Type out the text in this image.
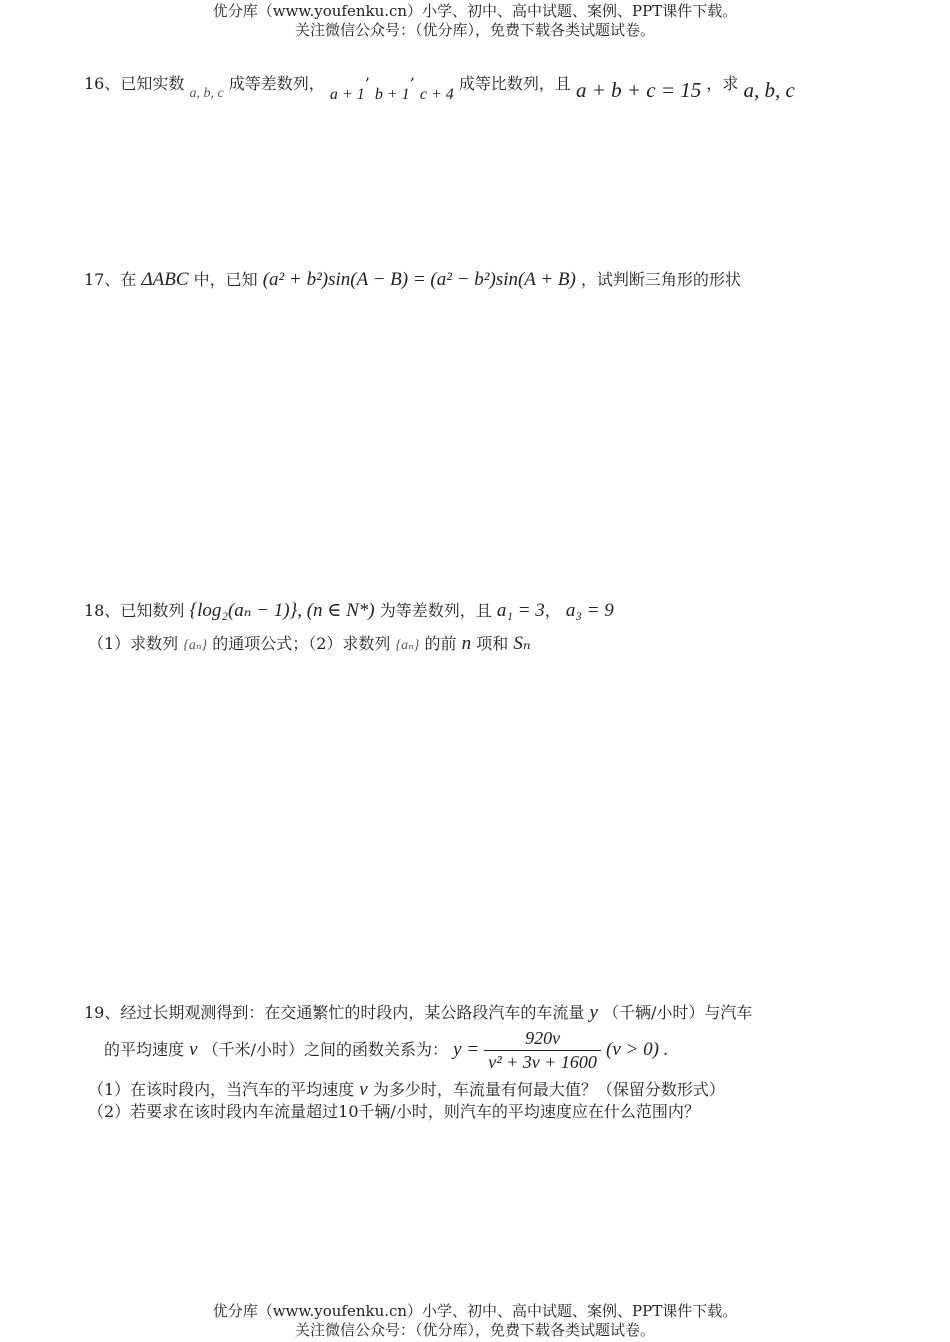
优分库（www.youfenku.cn）小学、初中、高中试题、案例、PPT课件下载。
关注微信公众号：（优分库），免费下载各类试题试卷。
16、已知实数 a, b, c 成等差数列， a + 1’ b + 1’ c + 4 成等比数列，且 a + b + c = 15 ，求 a, b, c
17、在 ΔABC 中，已知 (a² + b²)sin(A − B) = (a² − b²)sin(A + B) ，试判断三角形的形状
18、已知数列 {log₂(aₙ − 1)}, (n ∈ N*) 为等差数列，且 a₁ = 3， a₃ = 9
（1）求数列 {aₙ} 的通项公式；（2）求数列 {aₙ} 的前 n 项和 Sₙ
19、经过长期观测得到：在交通繁忙的时段内，某公路段汽车的车流量 y （千辆/小时）与汽车
的平均速度 v （千米/小时）之间的函数关系为： $y = \frac{920v}{\text{v² + 3v + 1600}} (v > 0)$ .
（1）在该时段内，当汽车的平均速度 v 为多少时，车流量有何最大值？（保留分数形式）
（2）若要求在该时段内车流量超过10千辆/小时，则汽车的平均速度应在什么范围内？
优分库（www.youfenku.cn）小学、初中、高中试题、案例、PPT课件下载。
关注微信公众号：（优分库），免费下载各类试题试卷。
